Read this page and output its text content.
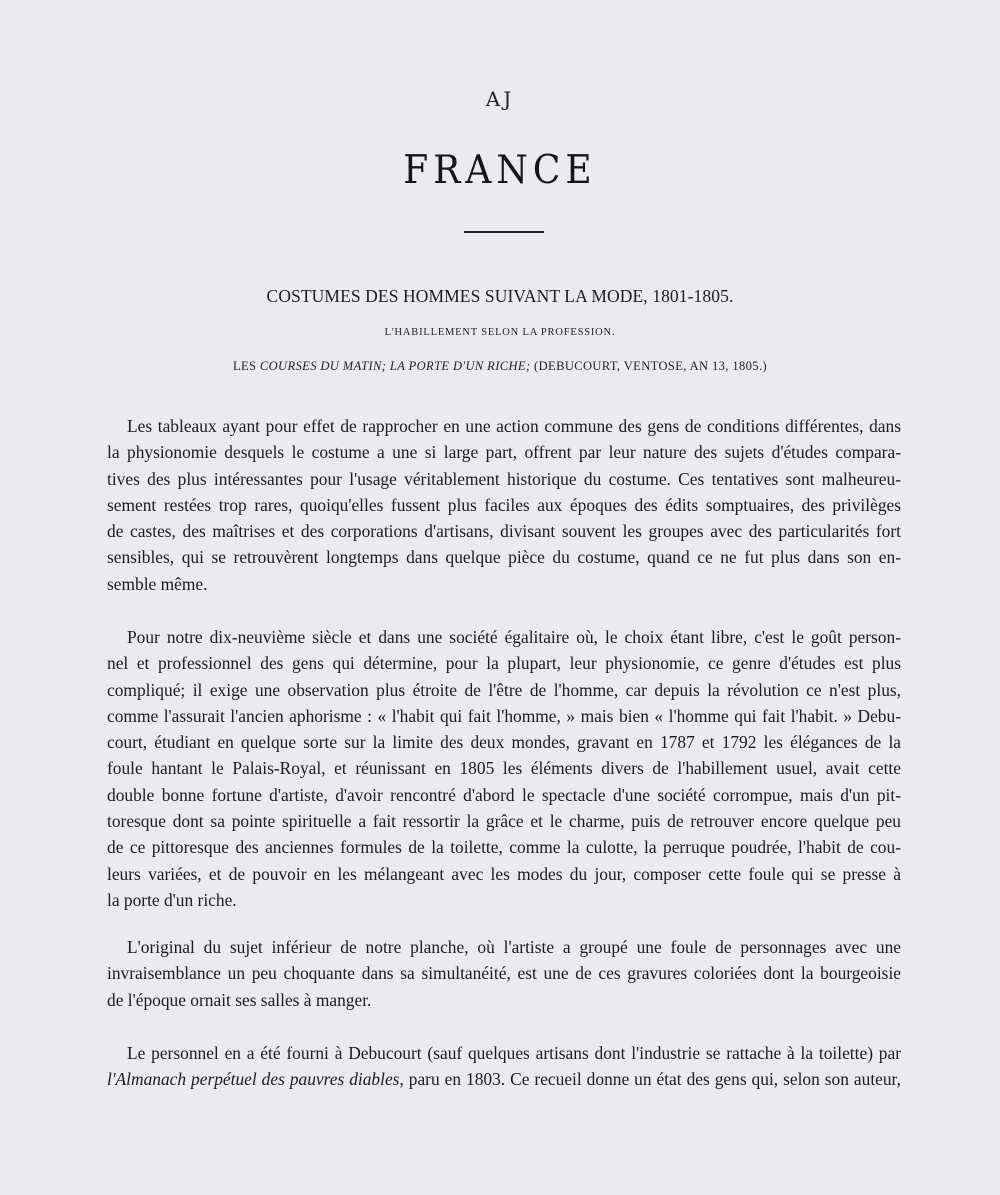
AJ
FRANCE
COSTUMES DES HOMMES SUIVANT LA MODE, 1801-1805.
L'HABILLEMENT SELON LA PROFESSION.
LES COURSES DU MATIN; LA PORTE D'UN RICHE; (DEBUCOURT, VENTOSE, AN 13, 1805.)
Les tableaux ayant pour effet de rapprocher en une action commune des gens de conditions différentes, dans
la physionomie desquels le costume a une si large part, offrent par leur nature des sujets d'études compara-
tives des plus intéressantes pour l'usage véritablement historique du costume. Ces tentatives sont malheureu-
sement restées trop rares, quoiqu'elles fussent plus faciles aux époques des édits somptuaires, des privilèges
de castes, des maîtrises et des corporations d'artisans, divisant souvent les groupes avec des particularités fort
sensibles, qui se retrouvèrent longtemps dans quelque pièce du costume, quand ce ne fut plus dans son en-
semble même.
Pour notre dix-neuvième siècle et dans une société égalitaire où, le choix étant libre, c'est le goût person-
nel et professionnel des gens qui détermine, pour la plupart, leur physionomie, ce genre d'études est plus
compliqué; il exige une observation plus étroite de l'être de l'homme, car depuis la révolution ce n'est plus,
comme l'assurait l'ancien aphorisme : « l'habit qui fait l'homme, » mais bien « l'homme qui fait l'habit. » Debu-
court, étudiant en quelque sorte sur la limite des deux mondes, gravant en 1787 et 1792 les élégances de la
foule hantant le Palais-Royal, et réunissant en 1805 les éléments divers de l'habillement usuel, avait cette
double bonne fortune d'artiste, d'avoir rencontré d'abord le spectacle d'une société corrompue, mais d'un pit-
toresque dont sa pointe spirituelle a fait ressortir la grâce et le charme, puis de retrouver encore quelque peu
de ce pittoresque des anciennes formules de la toilette, comme la culotte, la perruque poudrée, l'habit de cou-
leurs variées, et de pouvoir en les mélangeant avec les modes du jour, composer cette foule qui se presse à
la porte d'un riche.
L'original du sujet inférieur de notre planche, où l'artiste a groupé une foule de personnages avec une
invraisemblance un peu choquante dans sa simultanéité, est une de ces gravures coloriées dont la bourgeoisie
de l'époque ornait ses salles à manger.
Le personnel en a été fourni à Debucourt (sauf quelques artisans dont l'industrie se rattache à la toilette) par
l'Almanach perpétuel des pauvres diables, paru en 1803. Ce recueil donne un état des gens qui, selon son auteur,
